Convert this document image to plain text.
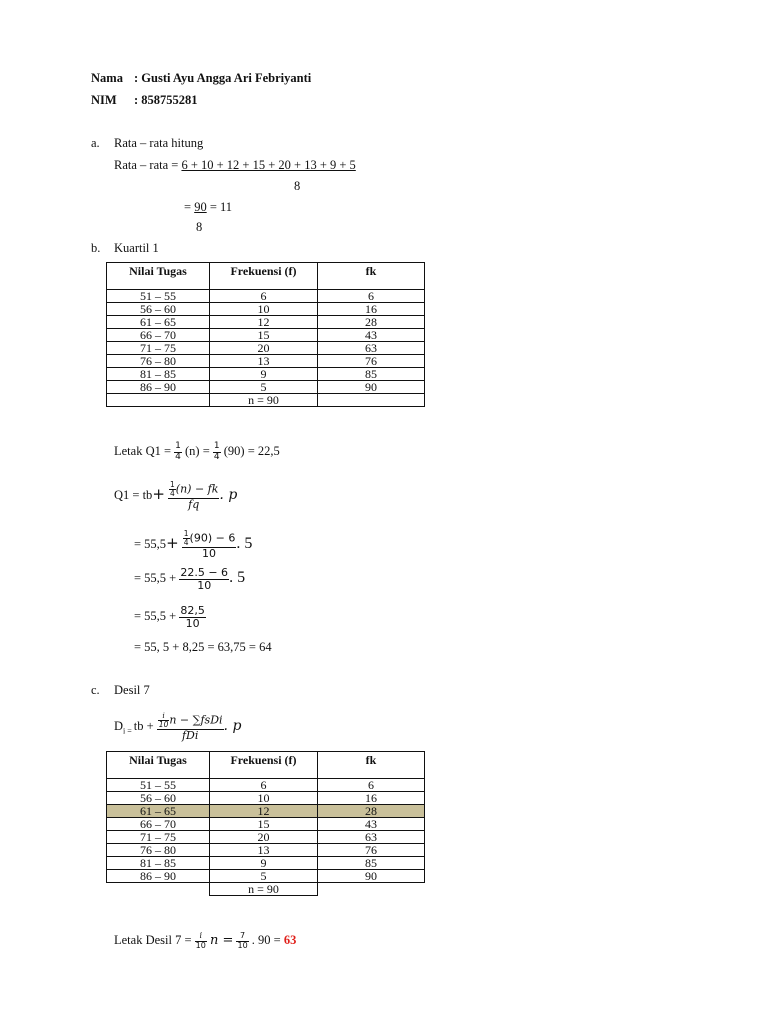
Nama : Gusti Ayu Angga Ari Febriyanti
NIM : 858755281
a. Rata – rata hitung
Rata – rata = 6 + 10 + 12 + 15 + 20 + 13 + 9 + 5
8
= 90 = 11
8
b. Kuartil 1
Nilai Tugas	Frekuensi (f)	fk
51 – 55	6	6
56 – 60	10	16
61 – 65	12	28
66 – 70	15	43
71 – 75	20	63
76 – 80	13	76
81 – 85	9	85
86 – 90	5	90
	n = 90	
Letak $Q1 = \frac{1}{4} (n) = \frac{1}{4} (90) = 22,5$
$Q1 = tb+ \frac{\frac{1}{4} (n) - fk}{fq}$ . p
= $55,5+ \frac{\frac{1}{4} (90) - 6}{10}$ . 5
= $55,5 + \frac{22.5 - 6}{10}$ . 5
= $55,5 + \frac{82,5}{10}$
= 55, 5 + 8,25 = 63,75 = 64
c. Desil 7
$D_{i =}$ tb + $\frac{\frac{i}{10} n - \sum fsDi}{\text{fDi}}$ . p
Nilai Tugas	Frekuensi (f)	fk
51 – 55	6	6
56 – 60	10	16
61 – 65	12	28
66 – 70	15	43
71 – 75	20	63
76 – 80	13	76
81 – 85	9	85
86 – 90	5	90
	n = 90	
Letak Desil $7 = \frac{i}{10}$ $n = \frac{7}{10}$ . 90 = 63
